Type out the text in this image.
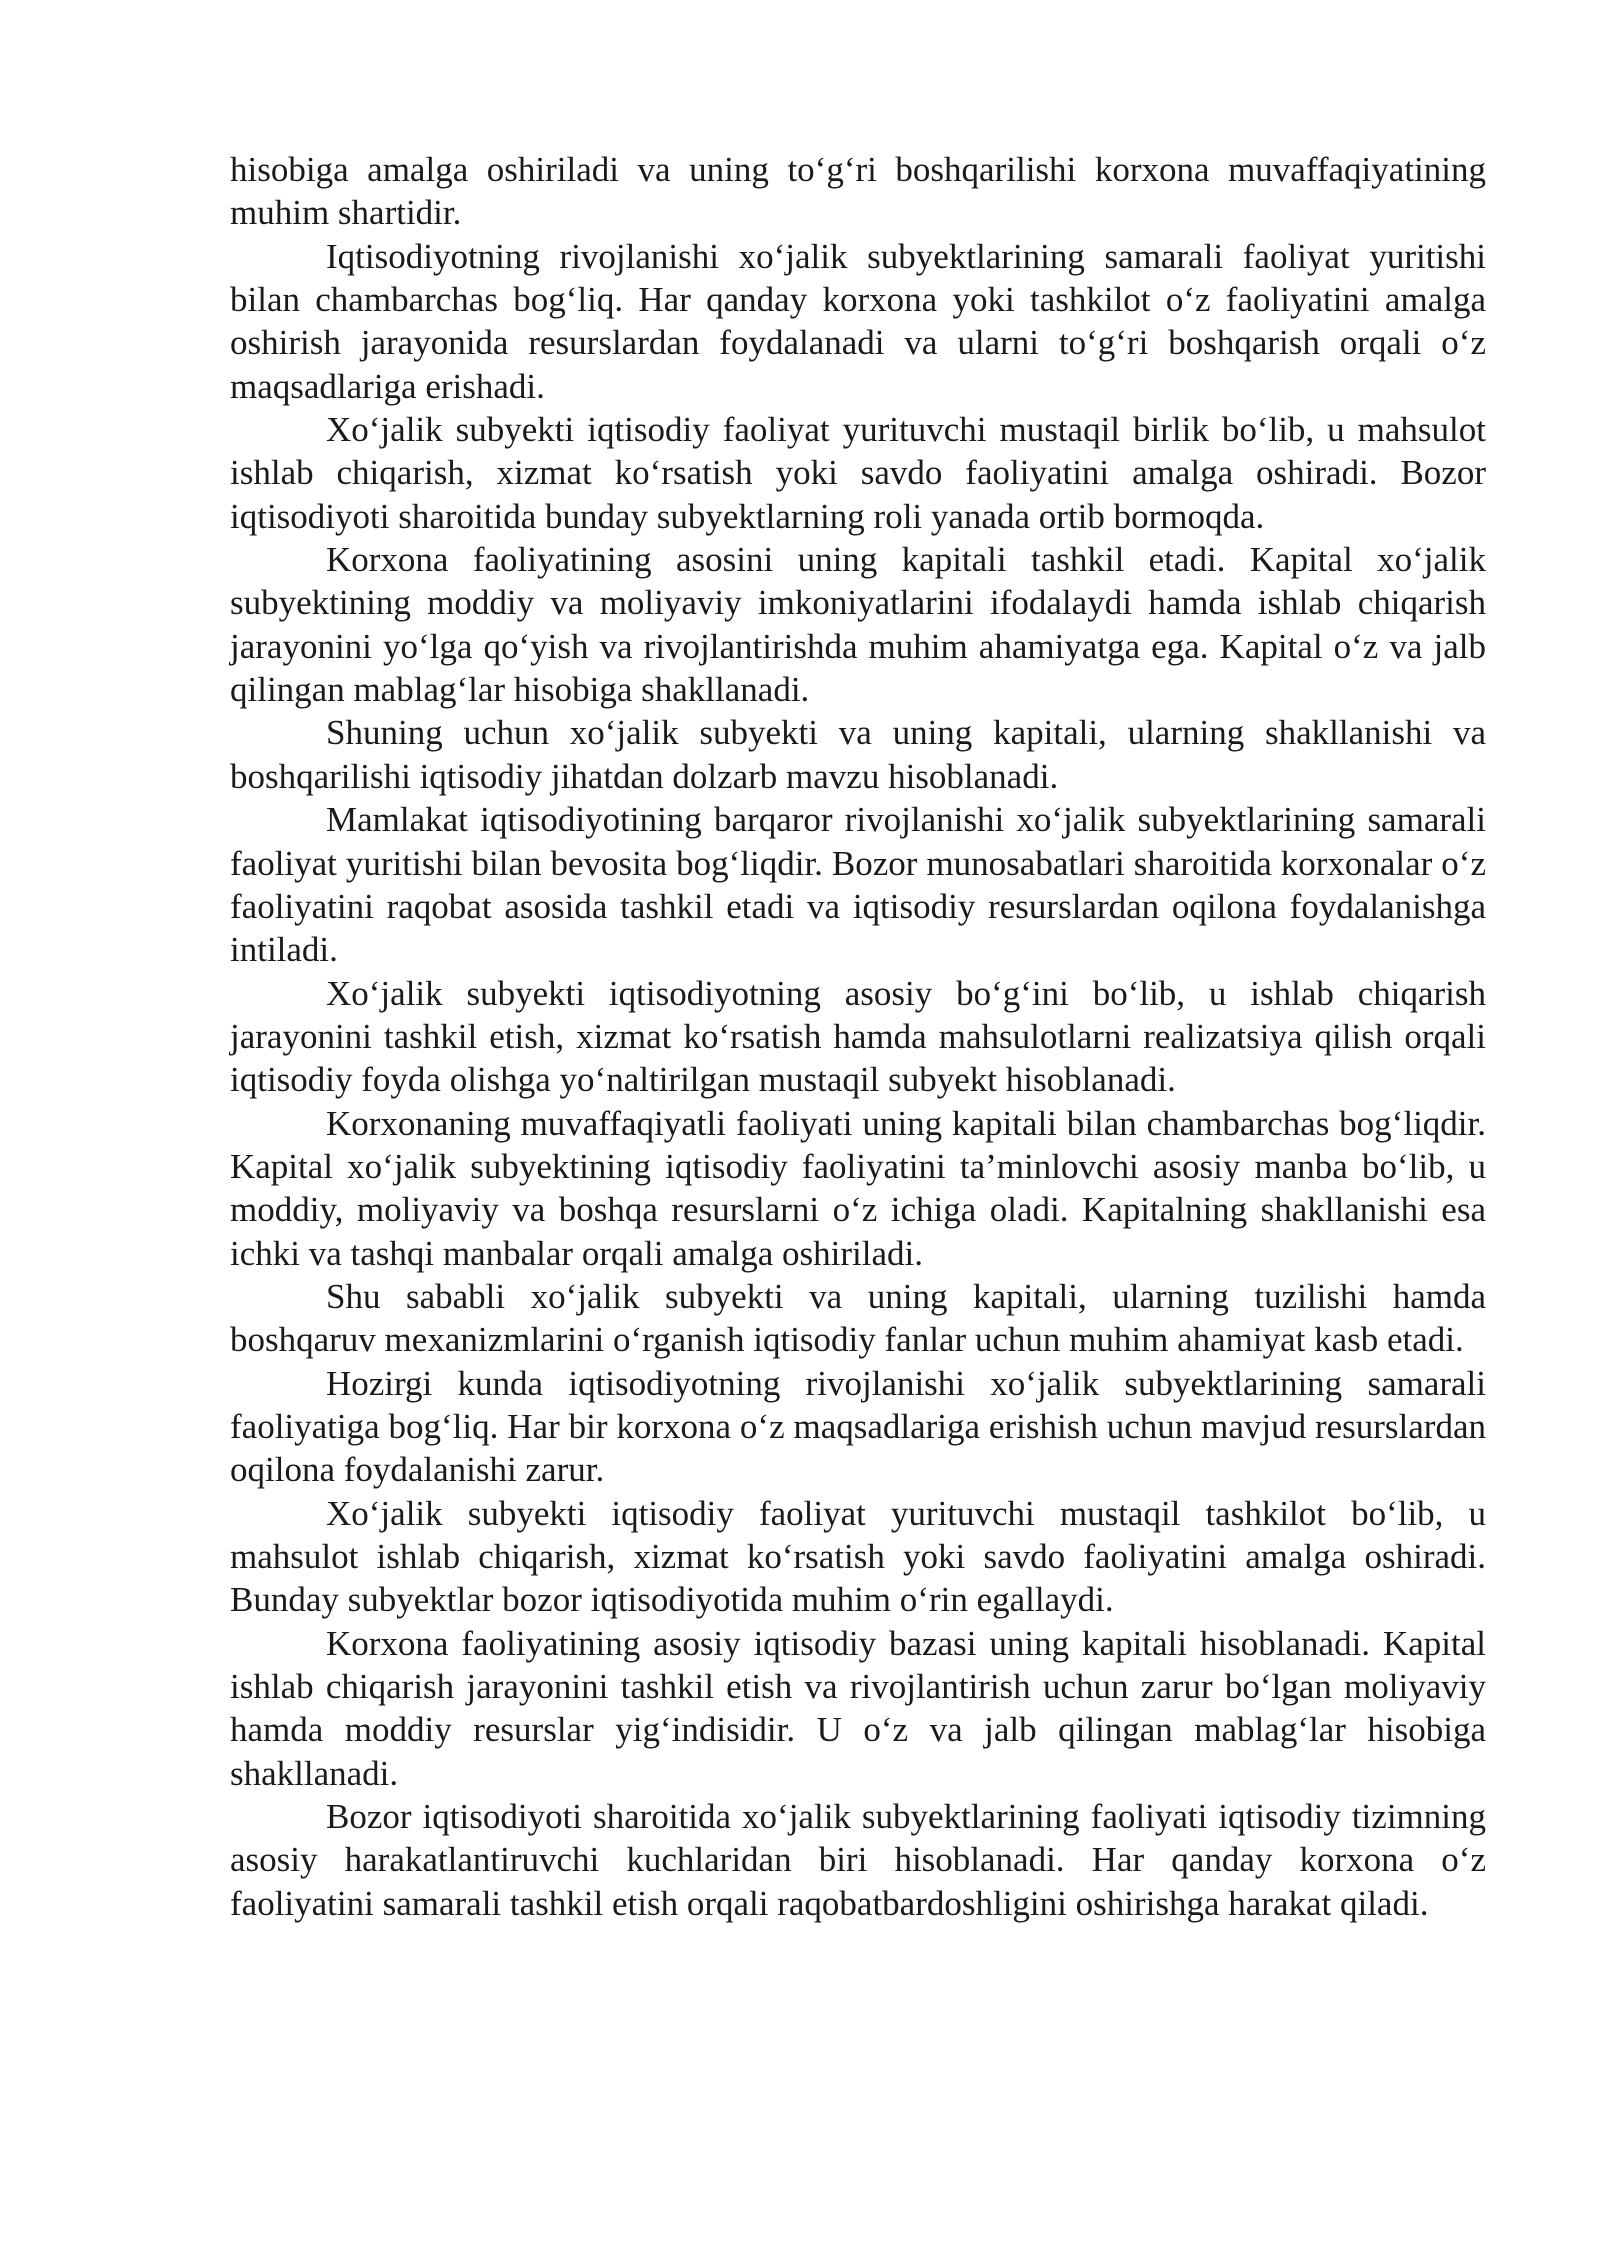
hisobiga amalga oshiriladi va uning to‘g‘ri boshqarilishi korxona muvaffaqiyatining muhim shartidir.

Iqtisodiyotning rivojlanishi xo‘jalik subyektlarining samarali faoliyat yuritishi bilan chambarchas bog‘liq. Har qanday korxona yoki tashkilot o‘z faoliyatini amalga oshirish jarayonida resurslardan foydalanadi va ularni to‘g‘ri boshqarish orqali o‘z maqsadlariga erishadi.

Xo‘jalik subyekti iqtisodiy faoliyat yurituvchi mustaqil birlik bo‘lib, u mahsulot ishlab chiqarish, xizmat ko‘rsatish yoki savdo faoliyatini amalga oshiradi. Bozor iqtisodiyoti sharoitida bunday subyektlarning roli yanada ortib bormoqda.

Korxona faoliyatining asosini uning kapitali tashkil etadi. Kapital xo‘jalik subyektining moddiy va moliyaviy imkoniyatlarini ifodalaydi hamda ishlab chiqarish jarayonini yo‘lga qo‘yish va rivojlantirishda muhim ahamiyatga ega. Kapital o‘z va jalb qilingan mablag‘lar hisobiga shakllanadi.

Shuning uchun xo‘jalik subyekti va uning kapitali, ularning shakllanishi va boshqarilishi iqtisodiy jihatdan dolzarb mavzu hisoblanadi.

Mamlakat iqtisodiyotining barqaror rivojlanishi xo‘jalik subyektlarining samarali faoliyat yuritishi bilan bevosita bog‘liqdir. Bozor munosabatlari sharoitida korxonalar o‘z faoliyatini raqobat asosida tashkil etadi va iqtisodiy resurslardan oqilona foydalanishga intiladi.

Xo‘jalik subyekti iqtisodiyotning asosiy bo‘g‘ini bo‘lib, u ishlab chiqarish jarayonini tashkil etish, xizmat ko‘rsatish hamda mahsulotlarni realizatsiya qilish orqali iqtisodiy foyda olishga yo‘naltirilgan mustaqil subyekt hisoblanadi.

Korxonaning muvaffaqiyatli faoliyati uning kapitali bilan chambarchas bog‘liqdir. Kapital xo‘jalik subyektining iqtisodiy faoliyatini ta’minlovchi asosiy manba bo‘lib, u moddiy, moliyaviy va boshqa resurslarni o‘z ichiga oladi. Kapitalning shakllanishi esa ichki va tashqi manbalar orqali amalga oshiriladi.

Shu sababli xo‘jalik subyekti va uning kapitali, ularning tuzilishi hamda boshqaruv mexanizmlarini o‘rganish iqtisodiy fanlar uchun muhim ahamiyat kasb etadi.

Hozirgi kunda iqtisodiyotning rivojlanishi xo‘jalik subyektlarining samarali faoliyatiga bog‘liq. Har bir korxona o‘z maqsadlariga erishish uchun mavjud resurslardan oqilona foydalanishi zarur.

Xo‘jalik subyekti iqtisodiy faoliyat yurituvchi mustaqil tashkilot bo‘lib, u mahsulot ishlab chiqarish, xizmat ko‘rsatish yoki savdo faoliyatini amalga oshiradi. Bunday subyektlar bozor iqtisodiyotida muhim o‘rin egallaydi.

Korxona faoliyatining asosiy iqtisodiy bazasi uning kapitali hisoblanadi. Kapital ishlab chiqarish jarayonini tashkil etish va rivojlantirish uchun zarur bo‘lgan moliyaviy hamda moddiy resurslar yig‘indisidir. U o‘z va jalb qilingan mablag‘lar hisobiga shakllanadi.

Bozor iqtisodiyoti sharoitida xo‘jalik subyektlarining faoliyati iqtisodiy tizimning asosiy harakatlantiruvchi kuchlaridan biri hisoblanadi. Har qanday korxona o‘z faoliyatini samarali tashkil etish orqali raqobatbardoshligini oshirishga harakat qiladi.
